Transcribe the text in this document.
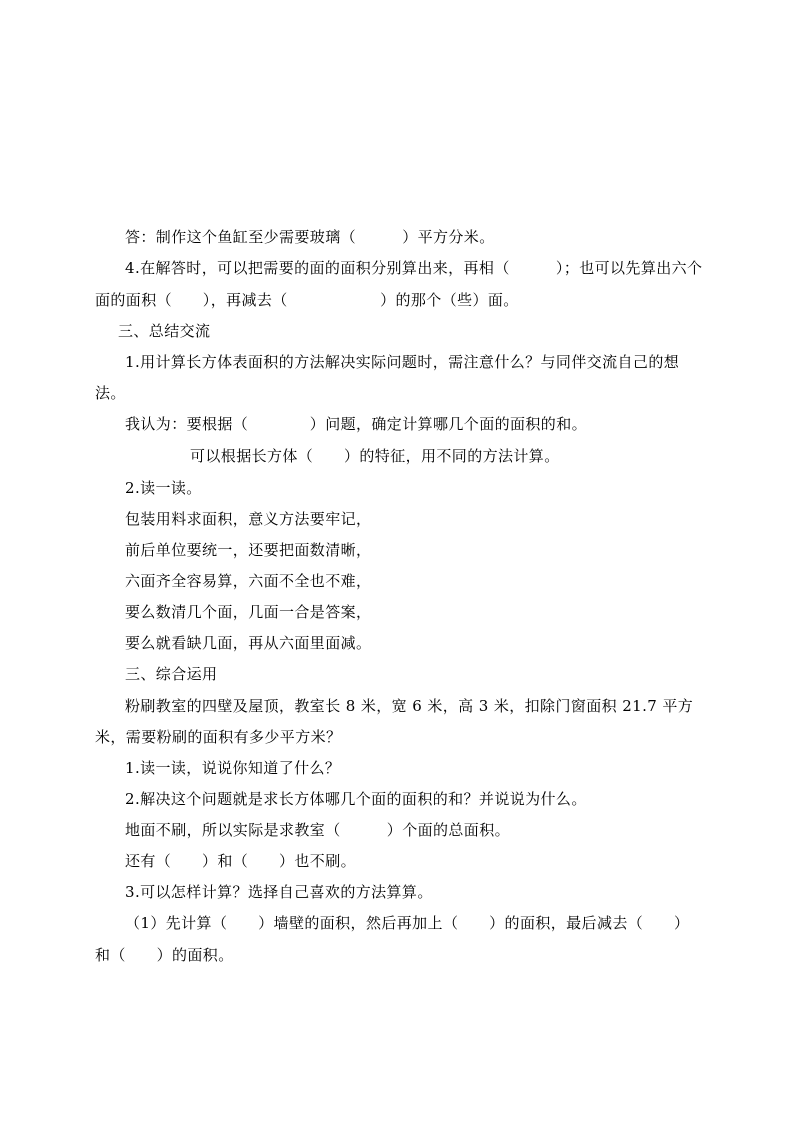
答：制作这个鱼缸至少需要玻璃（　　　）平方分米。
4.在解答时，可以把需要的面的面积分别算出来，再相（　　　）；也可以先算出六个
面的面积（　　），再减去（　　　　　　）的那个（些）面。
三、总结交流
1.用计算长方体表面积的方法解决实际问题时，需注意什么？与同伴交流自己的想
法。
我认为：要根据（　　　　）问题，确定计算哪几个面的面积的和。
可以根据长方体（　　）的特征，用不同的方法计算。
2.读一读。
包装用料求面积，意义方法要牢记，
前后单位要统一，还要把面数清晰，
六面齐全容易算，六面不全也不难，
要么数清几个面，几面一合是答案，
要么就看缺几面，再从六面里面减。
三、综合运用
粉刷教室的四壁及屋顶，教室长 8 米，宽 6 米，高 3 米，扣除门窗面积 21.7 平方
米，需要粉刷的面积有多少平方米？
1.读一读，说说你知道了什么？
2.解决这个问题就是求长方体哪几个面的面积的和？并说说为什么。
地面不刷，所以实际是求教室（　　　）个面的总面积。
还有（　　）和（　　）也不刷。
3.可以怎样计算？选择自己喜欢的方法算算。
（1）先计算（　　）墙壁的面积，然后再加上（　　）的面积，最后减去（　　）
和（　　）的面积。
